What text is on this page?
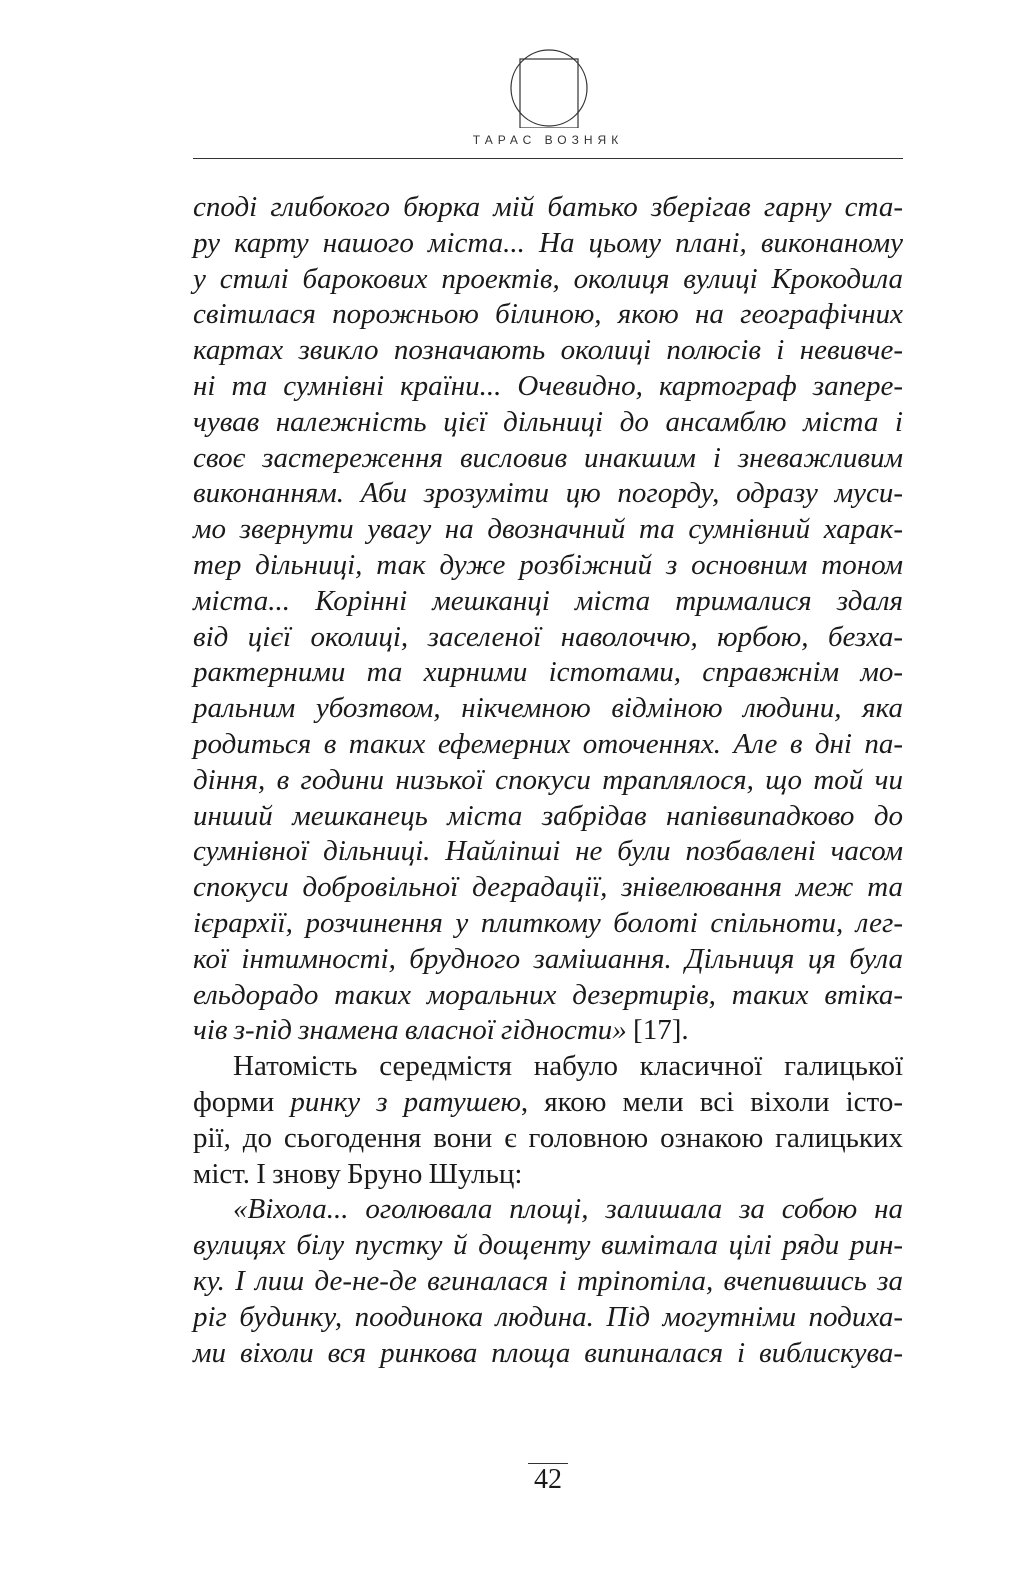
ТАРАС ВОЗНЯК
споді глибокого бюрка мій батько зберігав гарну ста-
ру карту нашого міста... На цьому плані, виконаному
у стилі барокових проектів, околиця вулиці Крокодила
світилася порожньою білиною, якою на географічних
картах звикло позначають околиці полюсів і невивче-
ні та сумнівні країни... Очевидно, картограф запере-
чував належність цієї дільниці до ансамблю міста і
своє застереження висловив инакшим і зневажливим
виконанням. Аби зрозуміти цю погорду, одразу муси-
мо звернути увагу на двозначний та сумнівний харак-
тер дільниці, так дуже розбіжний з основним тоном
міста... Корінні мешканці міста трималися здаля
від цієї околиці, заселеної наволоччю, юрбою, безха-
рактерними та хирними істотами, справжнім мо-
ральним убозтвом, нікчемною відміною людини, яка
родиться в таких ефемерних оточеннях. Але в дні па-
діння, в години низької спокуси траплялося, що той чи
инший мешканець міста забрідав напіввипадково до
сумнівної дільниці. Найліпші не були позбавлені часом
спокуси добровільної деградації, знівелювання меж та
ієрархії, розчинення у плиткому болоті спільноти, лег-
кої інтимності, брудного замішання. Дільниця ця була
ельдорадо таких моральних дезертирів, таких втіка-
чів з-під знамена власної гідности» [17].
Натомість середмістя набуло класичної галицької
форми ринку з ратушею, якою мели всі віхоли істо-
рії, до сьогодення вони є головною ознакою галицьких
міст. І знову Бруно Шульц:
«Віхола... оголювала площі, залишала за собою на
вулицях білу пустку й дощенту вимітала цілі ряди рин-
ку. І лиш де-не-де вгиналася і тріпотіла, вчепившись за
ріг будинку, поодинока людина. Під могутніми подиха-
ми віхоли вся ринкова площа випиналася і виблискува-
42
